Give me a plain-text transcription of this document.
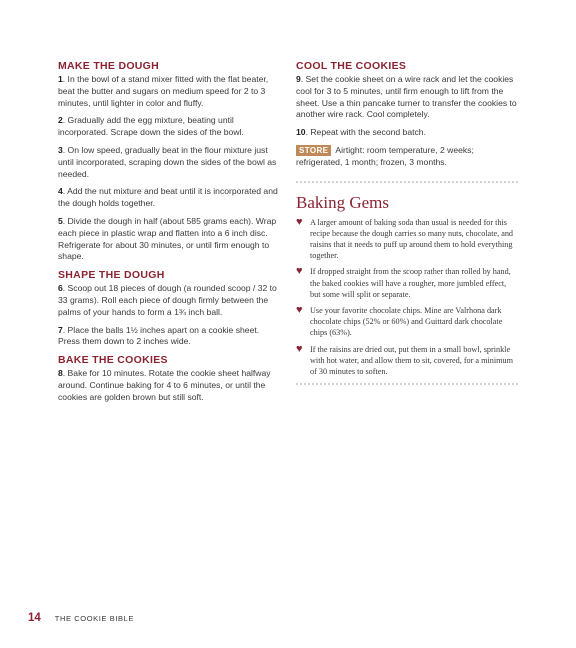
MAKE THE DOUGH

1. In the bowl of a stand mixer fitted with the flat beater, beat the butter and sugars on medium speed for 2 to 3 minutes, until lighter in color and fluffy.

2. Gradually add the egg mixture, beating until incorporated. Scrape down the sides of the bowl.

3. On low speed, gradually beat in the flour mixture just until incorporated, scraping down the sides of the bowl as needed.

4. Add the nut mixture and beat until it is incorporated and the dough holds together.

5. Divide the dough in half (about 585 grams each). Wrap each piece in plastic wrap and flatten into a 6 inch disc. Refrigerate for about 30 minutes, or until firm enough to shape.

SHAPE THE DOUGH

6. Scoop out 18 pieces of dough (a rounded scoop / 32 to 33 grams). Roll each piece of dough firmly between the palms of your hands to form a 1¾ inch ball.

7. Place the balls 1½ inches apart on a cookie sheet. Press them down to 2 inches wide.

BAKE THE COOKIES

8. Bake for 10 minutes. Rotate the cookie sheet halfway around. Continue baking for 4 to 6 minutes, or until the cookies are golden brown but still soft.

COOL THE COOKIES

9. Set the cookie sheet on a wire rack and let the cookies cool for 3 to 5 minutes, until firm enough to lift from the sheet. Use a thin pancake turner to transfer the cookies to another wire rack. Cool completely.

10. Repeat with the second batch.

STORE Airtight: room temperature, 2 weeks; refrigerated, 1 month; frozen, 3 months.

Baking Gems
♥ A larger amount of baking soda than usual is needed for this recipe because the dough carries so many nuts, chocolate, and raisins that it needs to puff up around them to hold everything together.
♥ If dropped straight from the scoop rather than rolled by hand, the baked cookies will have a rougher, more jumbled effect, but some will split or separate.
♥ Use your favorite chocolate chips. Mine are Valrhona dark chocolate chips (52% or 60%) and Guittard dark chocolate chips (63%).
♥ If the raisins are dried out, put them in a small bowl, sprinkle with hot water, and allow them to sit, covered, for a minimum of 30 minutes to soften.
14 THE COOKIE BIBLE
